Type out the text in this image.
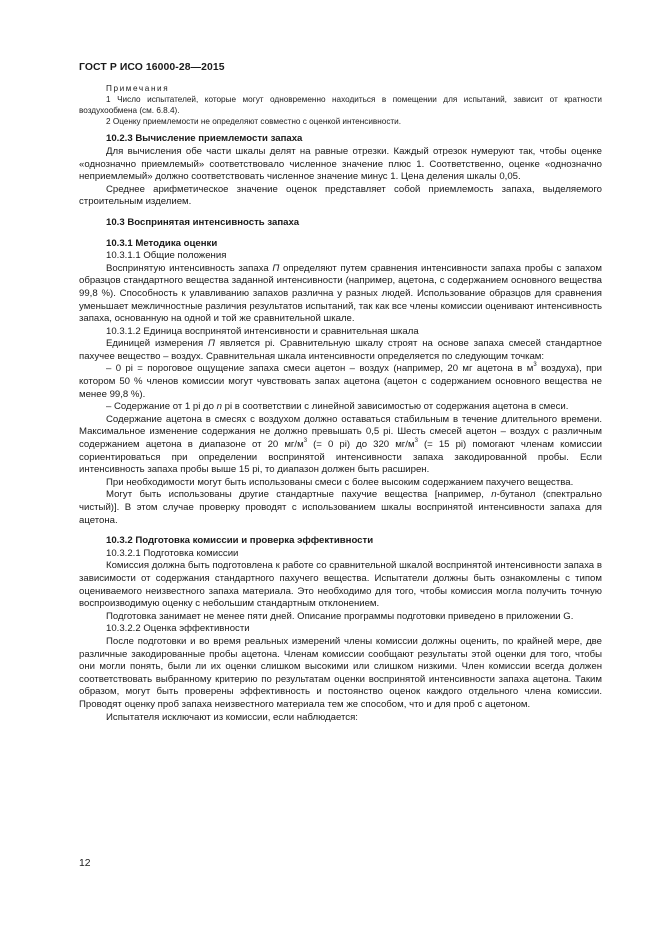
ГОСТ Р ИСО 16000-28—2015

Примечания

1 Число испытателей, которые могут одновременно находиться в помещении для испытаний, зависит от кратности воздухообмена (см. 6.8.4).

2 Оценку приемлемости не определяют совместно с оценкой интенсивности.

10.2.3 Вычисление приемлемости запаха

Для вычисления обе части шкалы делят на равные отрезки. Каждый отрезок нумеруют так, чтобы оценке «однозначно приемлемый» соответствовало численное значение плюс 1. Соответственно, оценке «однозначно неприемлемый» должно соответствовать численное значение минус 1. Цена деления шкалы 0,05.

Среднее арифметическое значение оценок представляет собой приемлемость запаха, выделяемого строительным изделием.

10.3 Воспринятая интенсивность запаха

10.3.1 Методика оценки

10.3.1.1 Общие положения

Воспринятую интенсивность запаха П определяют путем сравнения интенсивности запаха пробы с запахом образцов стандартного вещества заданной интенсивности (например, ацетона, с содержанием основного вещества 99,8 %). Способность к улавливанию запахов различна у разных людей. Использование образцов для сравнения уменьшает межличностные различия результатов испытаний, так как все члены комиссии оценивают интенсивность запаха, основанную на одной и той же сравнительной шкале.

10.3.1.2 Единица воспринятой интенсивности и сравнительная шкала

Единицей измерения П является pi. Сравнительную шкалу строят на основе запаха смесей стандартное пахучее вещество – воздух. Сравнительная шкала интенсивности определяется по следующим точкам:

– 0 pi = пороговое ощущение запаха смеси ацетон – воздух (например, 20 мг ацетона в $м^3$ воздуха), при котором 50 % членов комиссии могут чувствовать запах ацетона (ацетон с содержанием основного вещества не менее 99,8 %).

– Содержание от 1 pi до n pi в соответствии с линейной зависимостью от содержания ацетона в смеси.

Содержание ацетона в смесях с воздухом должно оставаться стабильным в течение длительного времени. Максимальное изменение содержания не должно превышать 0,5 pi. Шесть смесей ацетон – воздух с различным содержанием ацетона в диапазоне от 20 $мг/м^3$ (= 0 pi) до 320 $мг/м^3$ (= 15 pi) помогают членам комиссии сориентироваться при определении воспринятой интенсивности запаха закодированной пробы. Если интенсивность запаха пробы выше 15 pi, то диапазон должен быть расширен.

При необходимости могут быть использованы смеси с более высоким содержанием пахучего вещества.

Могут быть использованы другие стандартные пахучие вещества [например, n-бутанол (спектрально чистый)]. В этом случае проверку проводят с использованием шкалы воспринятой интенсивности запаха для ацетона.

10.3.2 Подготовка комиссии и проверка эффективности

10.3.2.1 Подготовка комиссии

Комиссия должна быть подготовлена к работе со сравнительной шкалой воспринятой интенсивности запаха в зависимости от содержания стандартного пахучего вещества. Испытатели должны быть ознакомлены с типом оцениваемого неизвестного запаха материала. Это необходимо для того, чтобы комиссия могла получить точную воспроизводимую оценку с небольшим стандартным отклонением.

Подготовка занимает не менее пяти дней. Описание программы подготовки приведено в приложении G.

10.3.2.2 Оценка эффективности

После подготовки и во время реальных измерений члены комиссии должны оценить, по крайней мере, две различные закодированные пробы ацетона. Членам комиссии сообщают результаты этой оценки для того, чтобы они могли понять, были ли их оценки слишком высокими или слишком низкими. Член комиссии всегда должен соответствовать выбранному критерию по результатам оценки воспринятой интенсивности запаха ацетона. Таким образом, могут быть проверены эффективность и постоянство оценок каждого отдельного члена комиссии. Проводят оценку проб запаха неизвестного материала тем же способом, что и для проб с ацетоном.

Испытателя исключают из комиссии, если наблюдается:

12
